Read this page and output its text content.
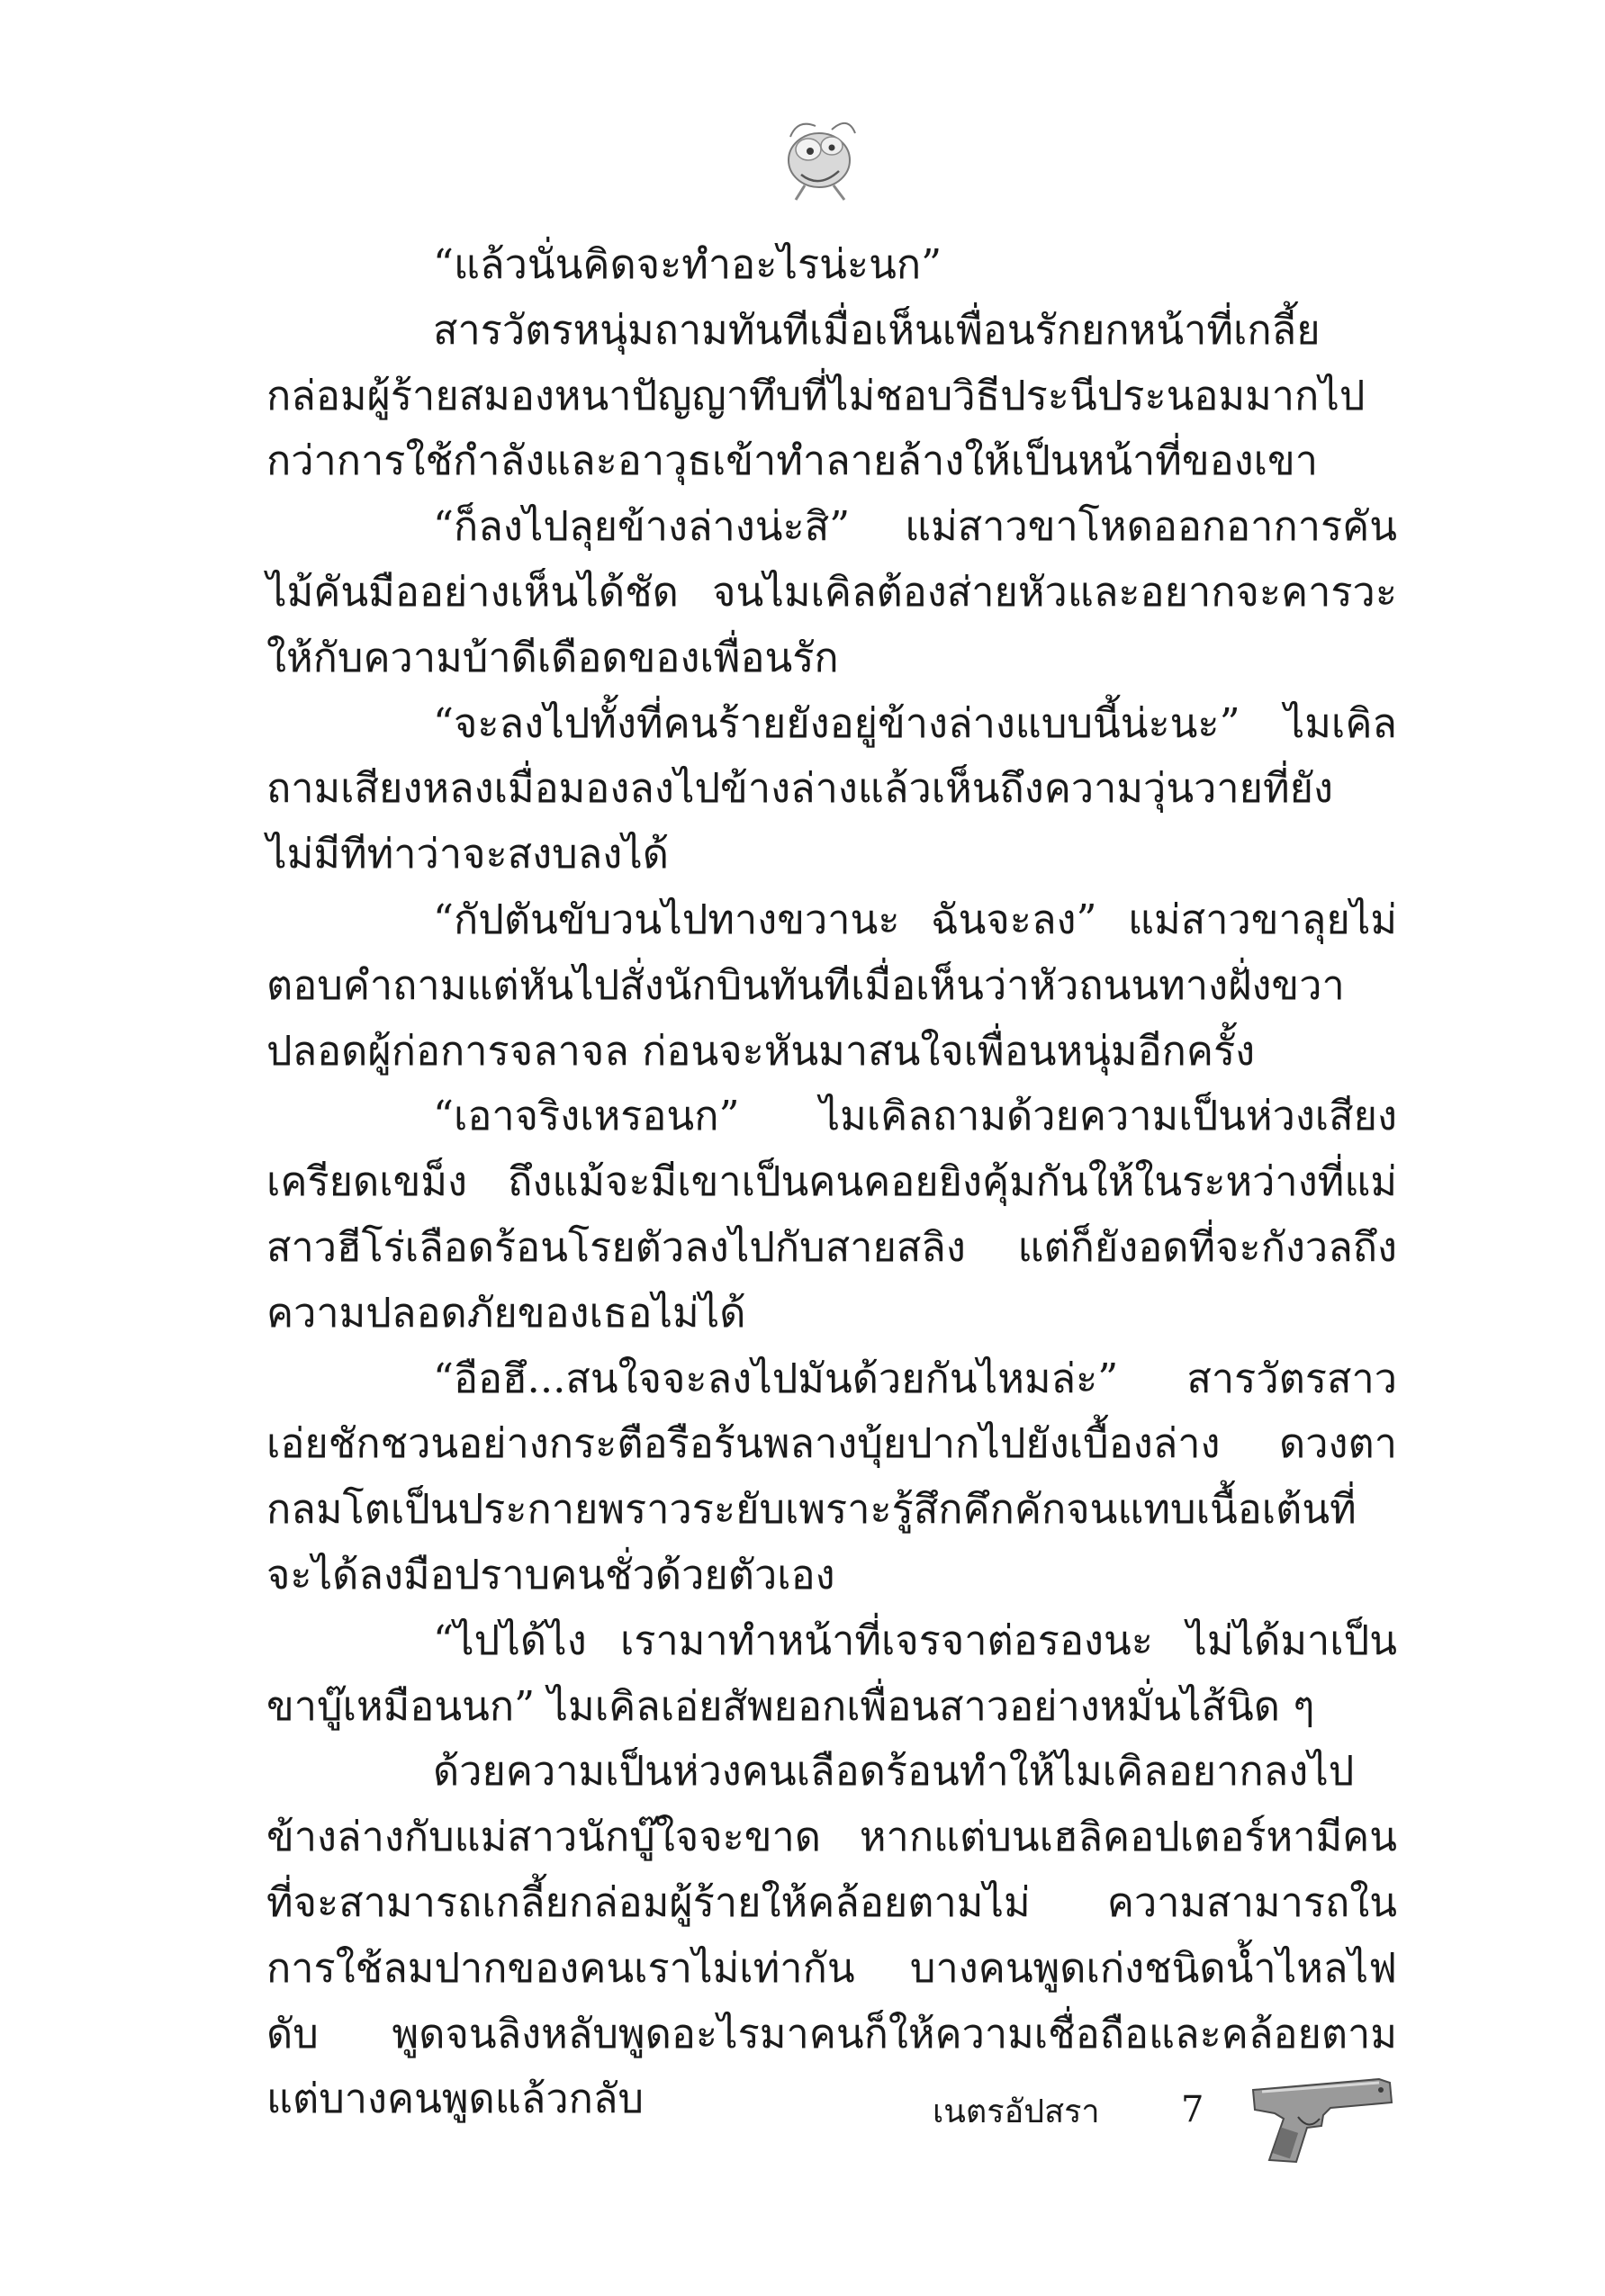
“แล้วนั่นคิดจะทำอะไรน่ะนก”

สารวัตรหนุ่มถามทันทีเมื่อเห็นเพื่อนรักยกหน้าที่เกลี้ยกล่อมผู้ร้ายสมองหนาปัญญาทึบที่ไม่ชอบวิธีประนีประนอมมากไปกว่าการใช้กำลังและอาวุธเข้าทำลายล้างให้เป็นหน้าที่ของเขา

“ก็ลงไปลุยข้างล่างน่ะสิ” แม่สาวขาโหดออกอาการคันไม้คันมืออย่างเห็นได้ชัด จนไมเคิลต้องส่ายหัวและอยากจะคารวะให้กับความบ้าดีเดือดของเพื่อนรัก

“จะลงไปทั้งที่คนร้ายยังอยู่ข้างล่างแบบนี้น่ะนะ” ไมเคิลถามเสียงหลงเมื่อมองลงไปข้างล่างแล้วเห็นถึงความวุ่นวายที่ยังไม่มีทีท่าว่าจะสงบลงได้

“กัปตันขับวนไปทางขวานะ ฉันจะลง” แม่สาวขาลุยไม่ตอบคำถามแต่หันไปสั่งนักบินทันทีเมื่อเห็นว่าหัวถนนทางฝั่งขวาปลอดผู้ก่อการจลาจล ก่อนจะหันมาสนใจเพื่อนหนุ่มอีกครั้ง

“เอาจริงเหรอนก” ไมเคิลถามด้วยความเป็นห่วงเสียงเครียดเขม็ง ถึงแม้จะมีเขาเป็นคนคอยยิงคุ้มกันให้ในระหว่างที่แม่สาวฮีโร่เลือดร้อนโรยตัวลงไปกับสายสลิง แต่ก็ยังอดที่จะกังวลถึงความปลอดภัยของเธอไม่ได้

“อือฮึ...สนใจจะลงไปมันด้วยกันไหมล่ะ” สารวัตรสาวเอ่ยชักชวนอย่างกระตือรือร้นพลางบุ้ยปากไปยังเบื้องล่าง ดวงตากลมโตเป็นประกายพราวระยับเพราะรู้สึกคึกคักจนแทบเนื้อเต้นที่จะได้ลงมือปราบคนชั่วด้วยตัวเอง

“ไปได้ไง เรามาทำหน้าที่เจรจาต่อรองนะ ไม่ได้มาเป็นขาบู๊เหมือนนก” ไมเคิลเอ่ยสัพยอกเพื่อนสาวอย่างหมั่นไส้นิด ๆ

ด้วยความเป็นห่วงคนเลือดร้อนทำให้ไมเคิลอยากลงไปข้างล่างกับแม่สาวนักบู๊ใจจะขาด หากแต่บนเฮลิคอปเตอร์หามีคนที่จะสามารถเกลี้ยกล่อมผู้ร้ายให้คล้อยตามไม่ ความสามารถในการใช้ลมปากของคนเราไม่เท่ากัน บางคนพูดเก่งชนิดน้ำไหลไฟดับ พูดจนลิงหลับพูดอะไรมาคนก็ให้ความเชื่อถือและคล้อยตาม แต่บางคนพูดแล้วกลับ	เนตรอัปสรา 7
